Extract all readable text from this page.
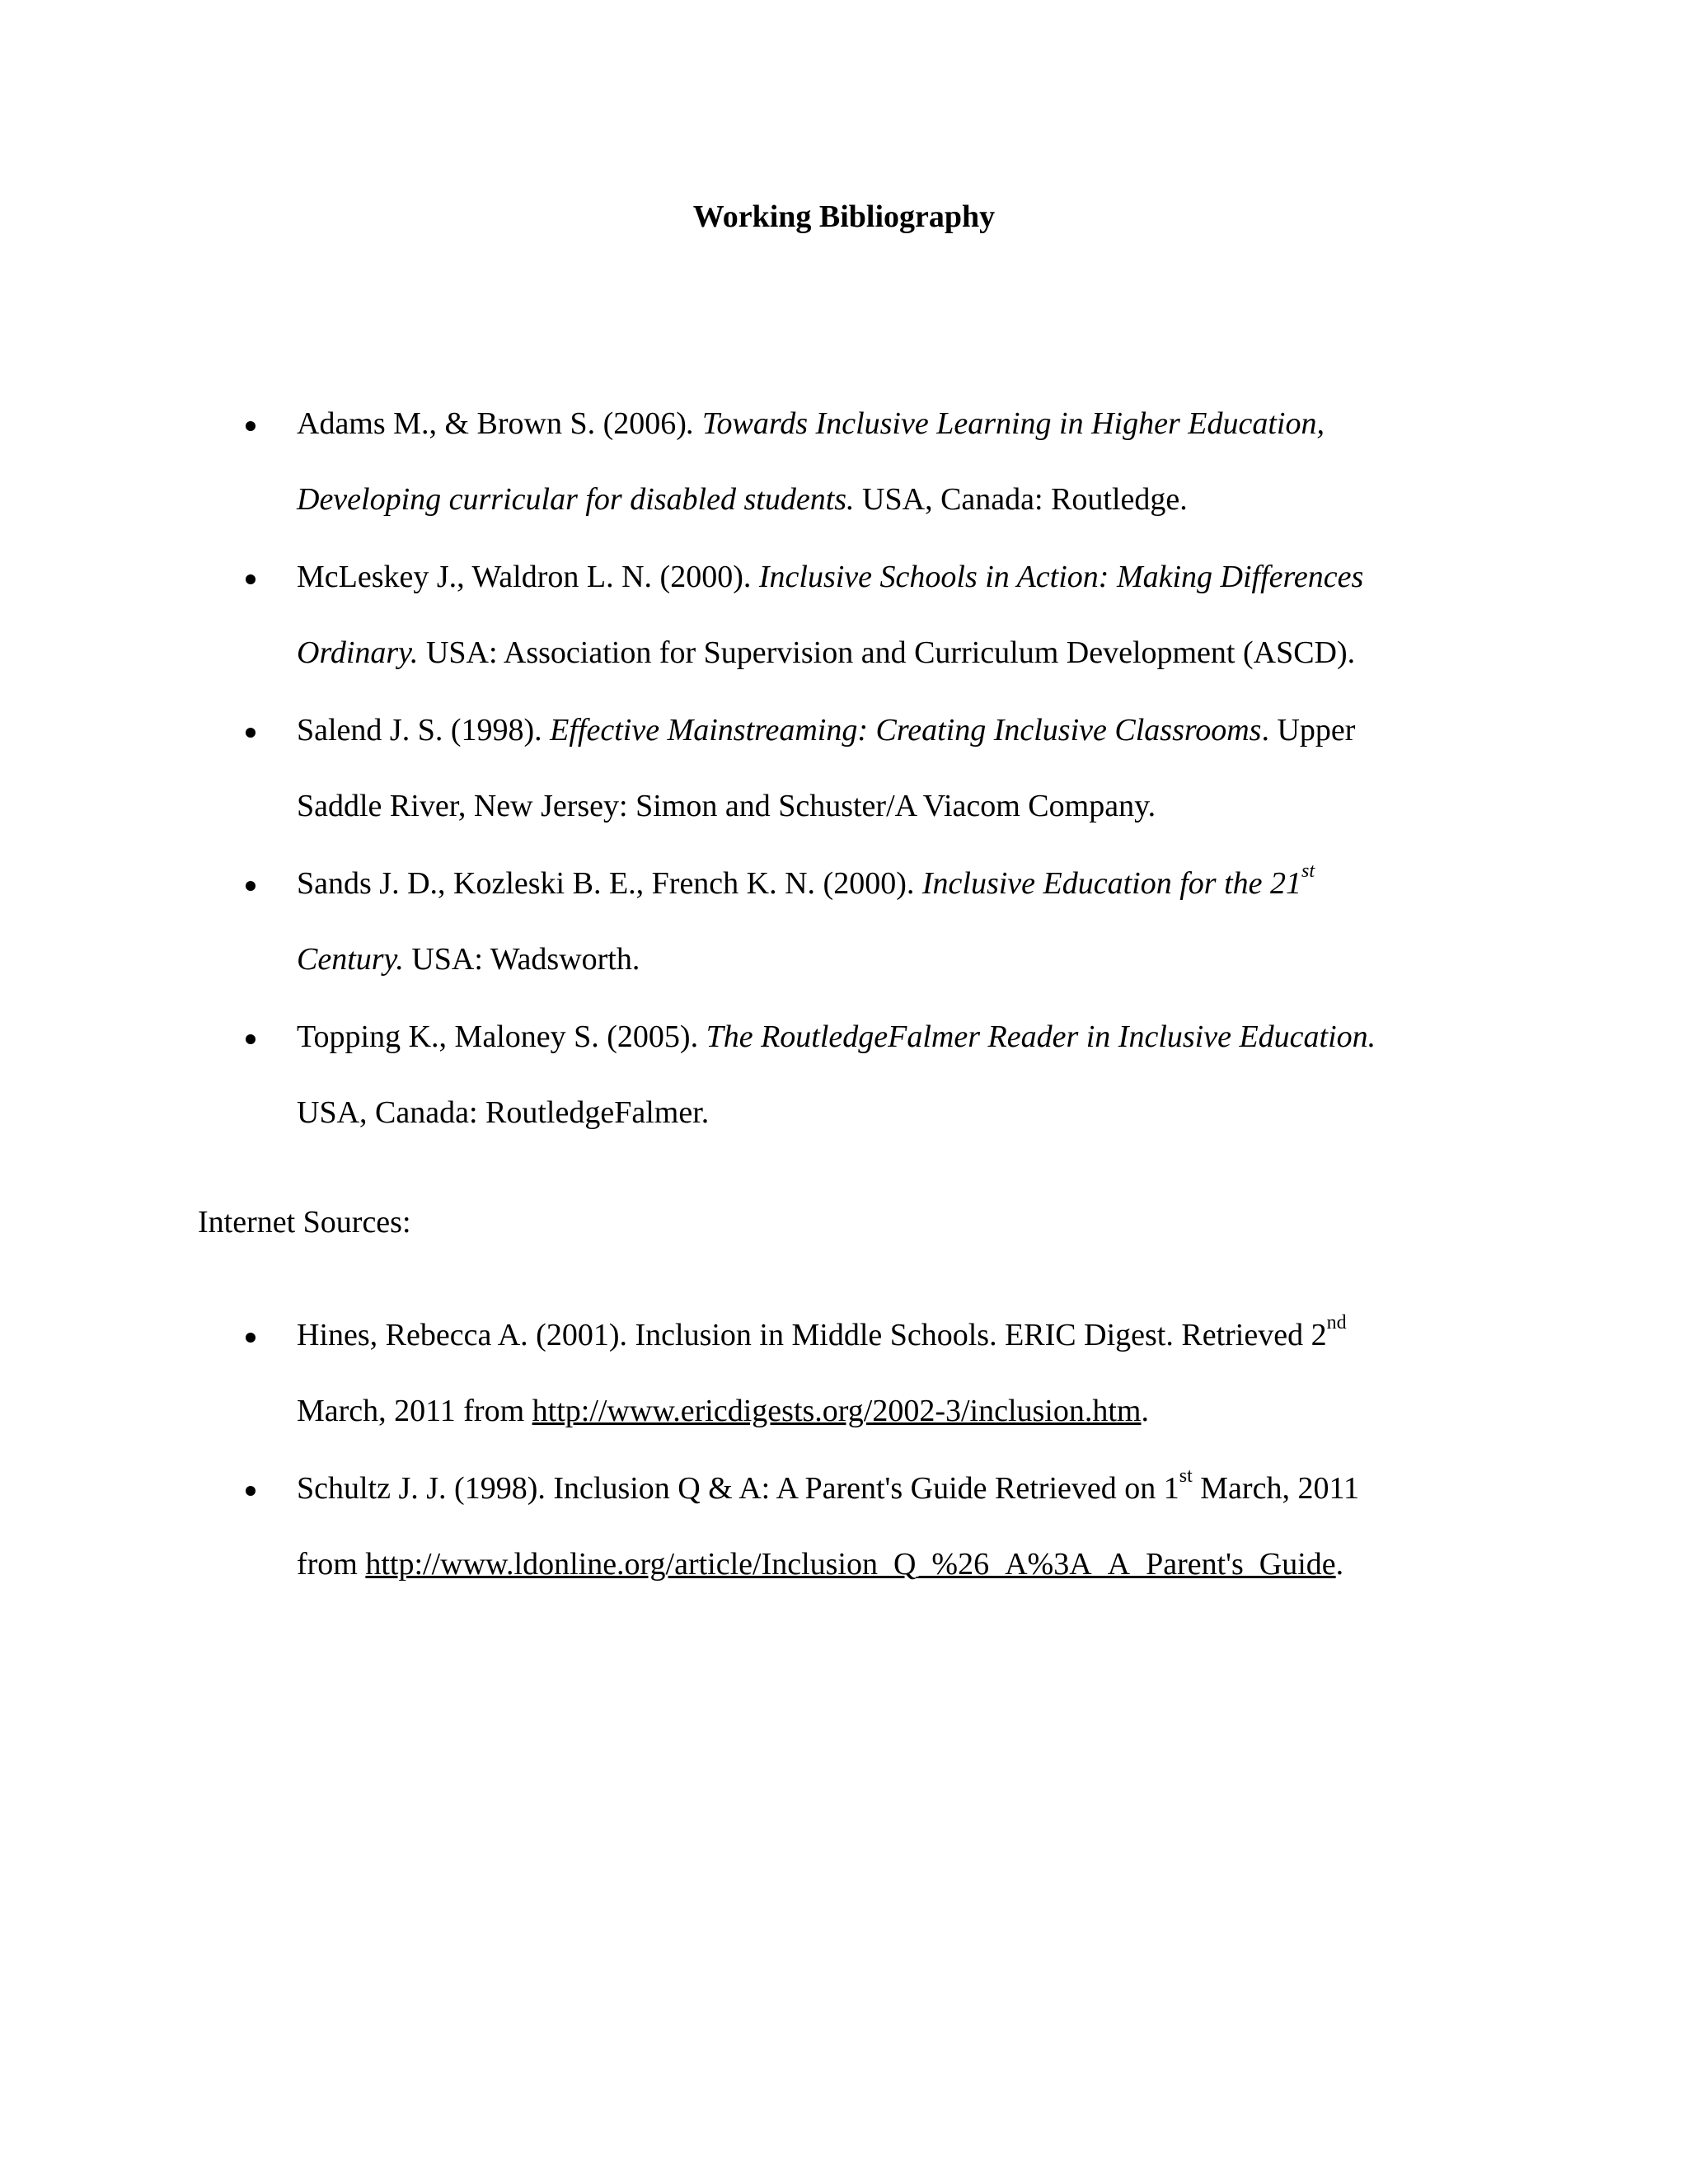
Working Bibliography
Adams M., & Brown S. (2006). Towards Inclusive Learning in Higher Education,
Developing curricular for disabled students. USA, Canada: Routledge.
McLeskey J., Waldron L. N. (2000). Inclusive Schools in Action: Making Differences
Ordinary. USA: Association for Supervision and Curriculum Development (ASCD).
Salend J. S. (1998). Effective Mainstreaming: Creating Inclusive Classrooms. Upper
Saddle River, New Jersey: Simon and Schuster/A Viacom Company.
Sands J. D., Kozleski B. E., French K. N. (2000). Inclusive Education for the 21st
Century. USA: Wadsworth.
Topping K., Maloney S. (2005). The RoutledgeFalmer Reader in Inclusive Education.
USA, Canada: RoutledgeFalmer.
Internet Sources:
Hines, Rebecca A. (2001). Inclusion in Middle Schools. ERIC Digest. Retrieved 2nd
March, 2011 from http://www.ericdigests.org/2002-3/inclusion.htm.
Schultz J. J. (1998). Inclusion Q & A: A Parent's Guide Retrieved on 1st March, 2011
from http://www.ldonline.org/article/Inclusion_Q_%26_A%3A_A_Parent's_Guide.
